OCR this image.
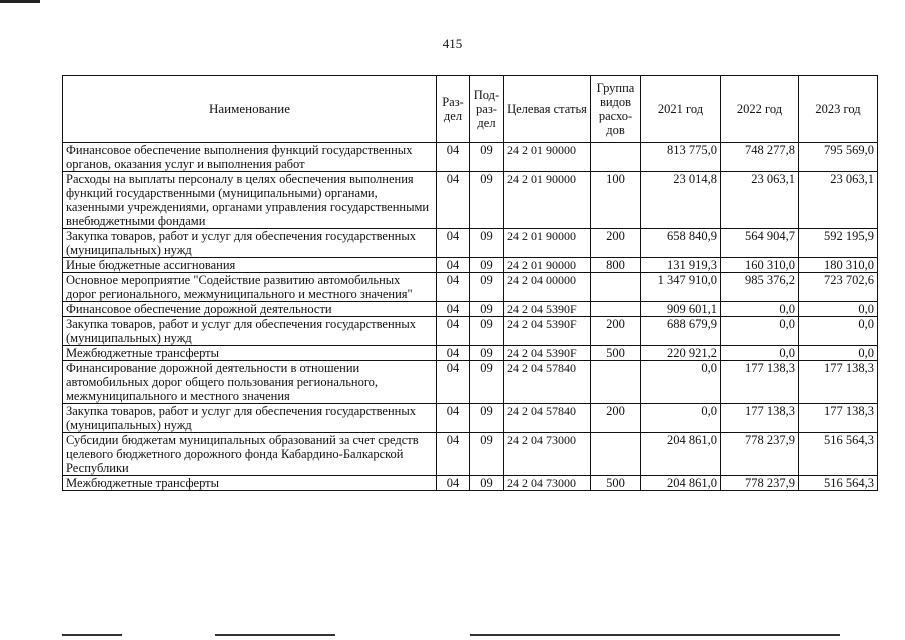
415
Наименование	Раз- дел	Под- раз- дел	Целевая статья	Группа видов расхо- дов	2021 год	2022 год	2023 год
Финансовое обеспечение выполнения функций государственных органов, оказания услуг и выполнения работ	04	09	24 2 01 90000		813 775,0	748 277,8	795 569,0
Расходы на выплаты персоналу в целях обеспечения выполнения функций государственными (муниципальными) органами, казенными учреждениями, органами управления государственными внебюджетными фондами	04	09	24 2 01 90000	100	23 014,8	23 063,1	23 063,1
Закупка товаров, работ и услуг для обеспечения государственных (муниципальных) нужд	04	09	24 2 01 90000	200	658 840,9	564 904,7	592 195,9
Иные бюджетные ассигнования	04	09	24 2 01 90000	800	131 919,3	160 310,0	180 310,0
Основное мероприятие "Содействие развитию автомобильных дорог регионального, межмуниципального и местного значения"	04	09	24 2 04 00000		1 347 910,0	985 376,2	723 702,6
Финансовое обеспечение дорожной деятельности	04	09	24 2 04 5390F		909 601,1	0,0	0,0
Закупка товаров, работ и услуг для обеспечения государственных (муниципальных) нужд	04	09	24 2 04 5390F	200	688 679,9	0,0	0,0
Межбюджетные трансферты	04	09	24 2 04 5390F	500	220 921,2	0,0	0,0
Финансирование дорожной деятельности в отношении автомобильных дорог общего пользования регионального, межмуниципального и местного значения	04	09	24 2 04 57840		0,0	177 138,3	177 138,3
Закупка товаров, работ и услуг для обеспечения государственных (муниципальных) нужд	04	09	24 2 04 57840	200	0,0	177 138,3	177 138,3
Субсидии бюджетам муниципальных образований за счет средств целевого бюджетного дорожного фонда Кабардино-Балкарской Республики	04	09	24 2 04 73000		204 861,0	778 237,9	516 564,3
Межбюджетные трансферты	04	09	24 2 04 73000	500	204 861,0	778 237,9	516 564,3
